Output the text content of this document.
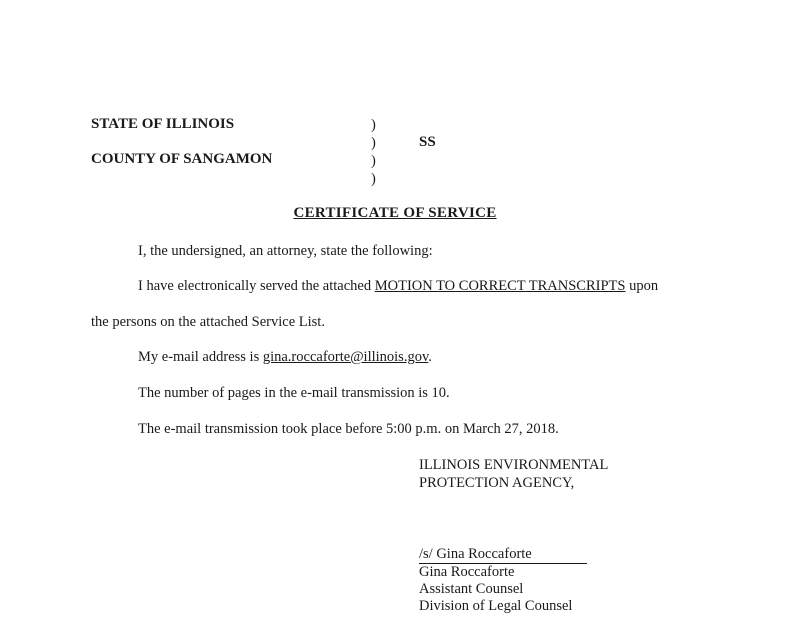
STATE OF ILLINOIS
COUNTY OF SANGAMON
)
)
)
)
SS
CERTIFICATE OF SERVICE
I, the undersigned, an attorney, state the following:
I have electronically served the attached MOTION TO CORRECT TRANSCRIPTS upon
the persons on the attached Service List.
My e-mail address is gina.roccaforte@illinois.gov.
The number of pages in the e-mail transmission is 10.
The e-mail transmission took place before 5:00 p.m. on March 27, 2018.
ILLINOIS ENVIRONMENTAL
PROTECTION AGENCY,
/s/ Gina Roccaforte
Gina Roccaforte
Assistant Counsel
Division of Legal Counsel
